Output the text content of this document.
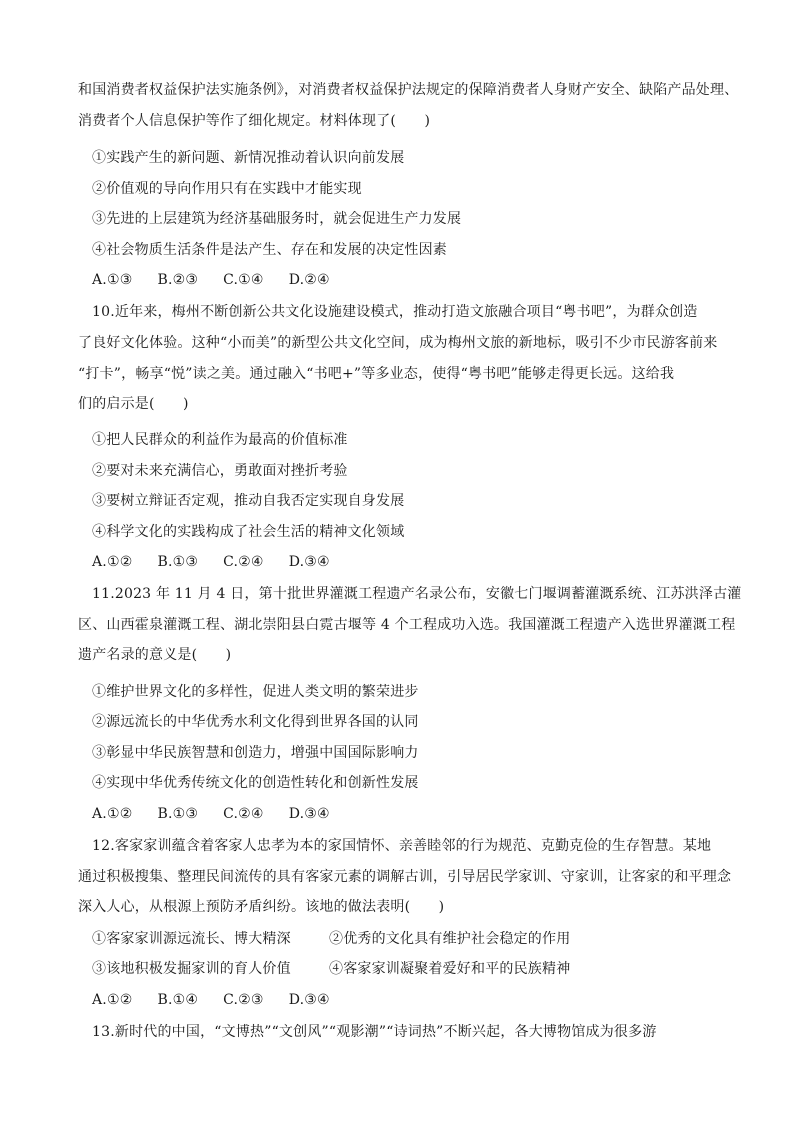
和国消费者权益保护法实施条例》，对消费者权益保护法规定的保障消费者人身财产安全、缺陷产品处理、
消费者个人信息保护等作了细化规定。材料体现了(　　)
①实践产生的新问题、新情况推动着认识向前发展
②价值观的导向作用只有在实践中才能实现
③先进的上层建筑为经济基础服务时，就会促进生产力发展
④社会物质生活条件是法产生、存在和发展的决定性因素
A.①③ B.②③ C.①④ D.②④
10.近年来，梅州不断创新公共文化设施建设模式，推动打造文旅融合项目“粤书吧”，为群众创造
了良好文化体验。这种“小而美”的新型公共文化空间，成为梅州文旅的新地标，吸引不少市民游客前来
“打卡”，畅享“悦”读之美。通过融入“书吧+”等多业态，使得“粤书吧”能够走得更长远。这给我
们的启示是(　　)
①把人民群众的利益作为最高的价值标准
②要对未来充满信心，勇敢面对挫折考验
③要树立辩证否定观，推动自我否定实现自身发展
④科学文化的实践构成了社会生活的精神文化领域
A.①② B.①③ C.②④ D.③④
11.2023 年 11 月 4 日，第十批世界灌溉工程遗产名录公布，安徽七门堰调蓄灌溉系统、江苏洪泽古灌
区、山西霍泉灌溉工程、湖北崇阳县白霓古堰等 4 个工程成功入选。我国灌溉工程遗产入选世界灌溉工程
遗产名录的意义是(　　)
①维护世界文化的多样性，促进人类文明的繁荣进步
②源远流长的中华优秀水利文化得到世界各国的认同
③彰显中华民族智慧和创造力，增强中国国际影响力
④实现中华优秀传统文化的创造性转化和创新性发展
A.①② B.①③ C.②④ D.③④
12.客家家训蕴含着客家人忠孝为本的家国情怀、亲善睦邻的行为规范、克勤克俭的生存智慧。某地
通过积极搜集、整理民间流传的具有客家元素的调解古训，引导居民学家训、守家训，让客家的和平理念
深入人心，从根源上预防矛盾纠纷。该地的做法表明(　　)
①客家家训源远流长、博大精深	②优秀的文化具有维护社会稳定的作用
③该地积极发掘家训的育人价值	④客家家训凝聚着爱好和平的民族精神
A.①② B.①④ C.②③ D.③④
13.新时代的中国，“文博热”“文创风”“观影潮”“诗词热”不断兴起，各大博物馆成为很多游
